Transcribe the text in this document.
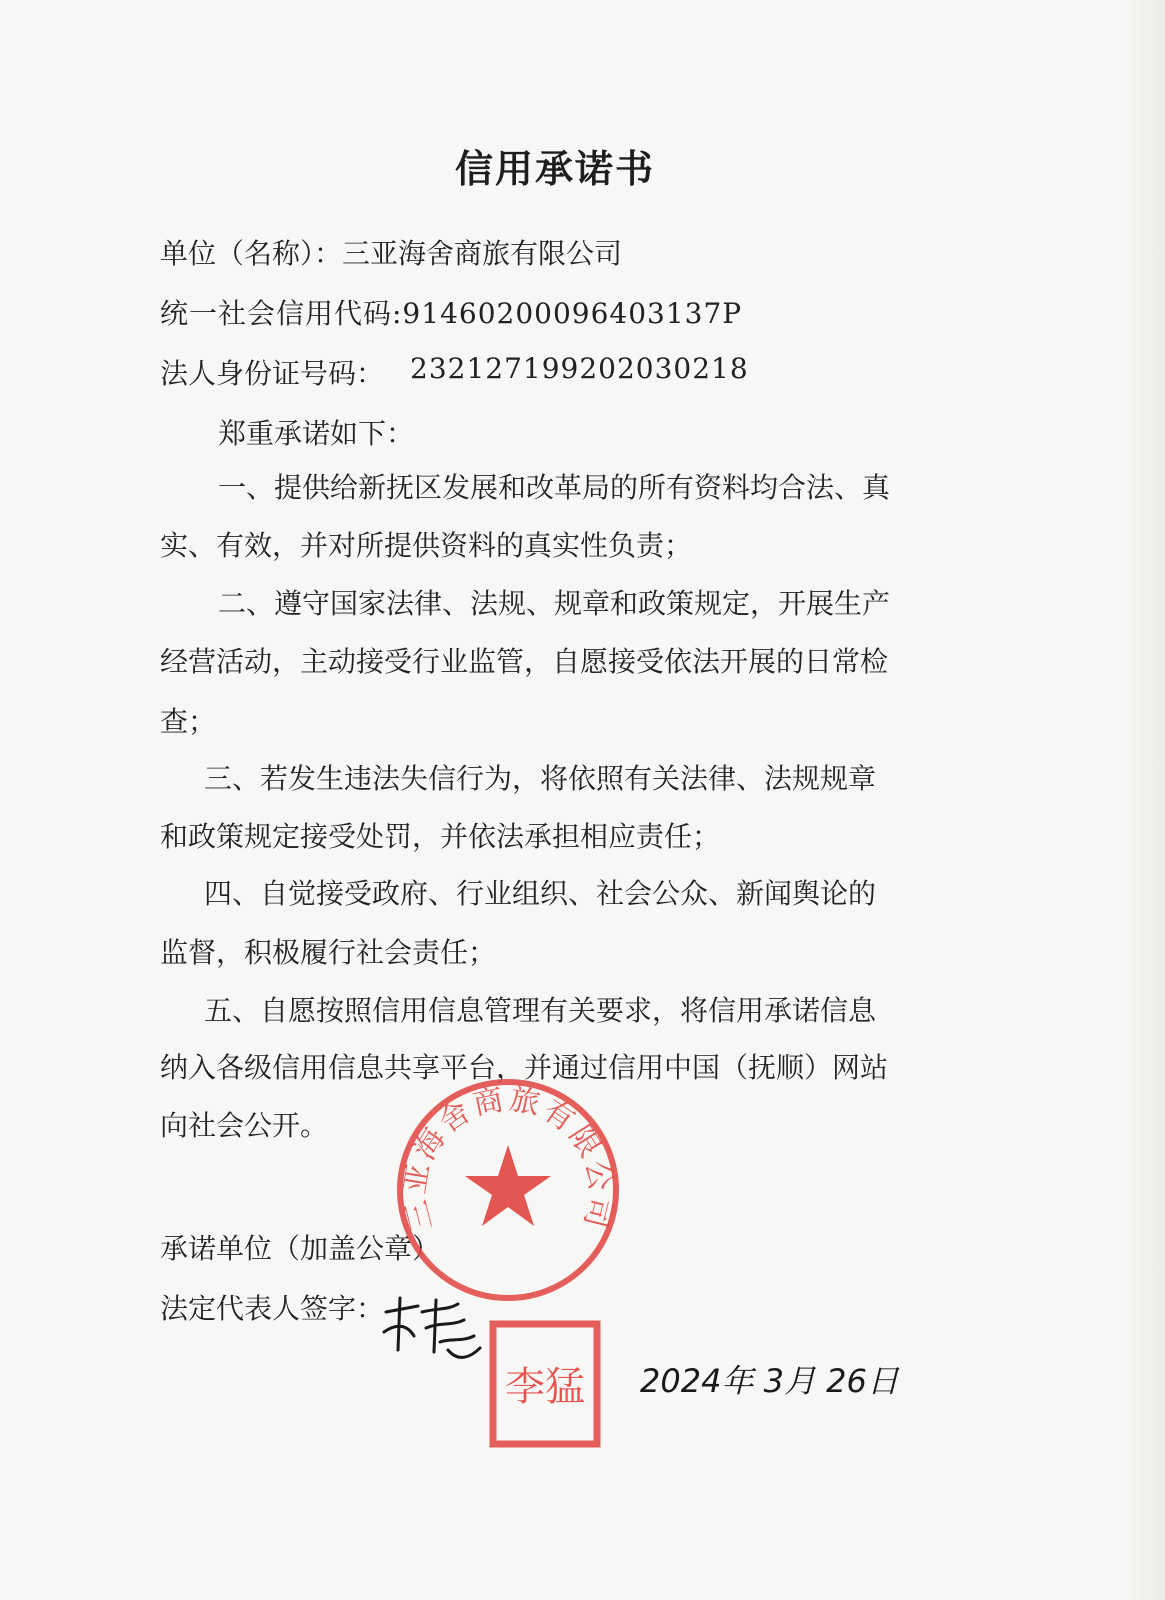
信用承诺书
单位（名称）：三亚海舍商旅有限公司
统一社会信用代码:91460200096403137P
法人身份证号码： 232127199202030218
郑重承诺如下：
一、提供给新抚区发展和改革局的所有资料均合法、真
实、有效，并对所提供资料的真实性负责；
二、遵守国家法律、法规、规章和政策规定，开展生产
经营活动，主动接受行业监管，自愿接受依法开展的日常检
查；
三、若发生违法失信行为，将依照有关法律、法规规章
和政策规定接受处罚，并依法承担相应责任；
四、自觉接受政府、行业组织、社会公众、新闻舆论的
监督，积极履行社会责任；
五、自愿按照信用信息管理有关要求，将信用承诺信息
纳入各级信用信息共享平台，并通过信用中国（抚顺）网站
向社会公开。
承诺单位（加盖公章）
法定代表人签字：
三亚海舍商旅有限公司
李猛 2024年 3月 26日
